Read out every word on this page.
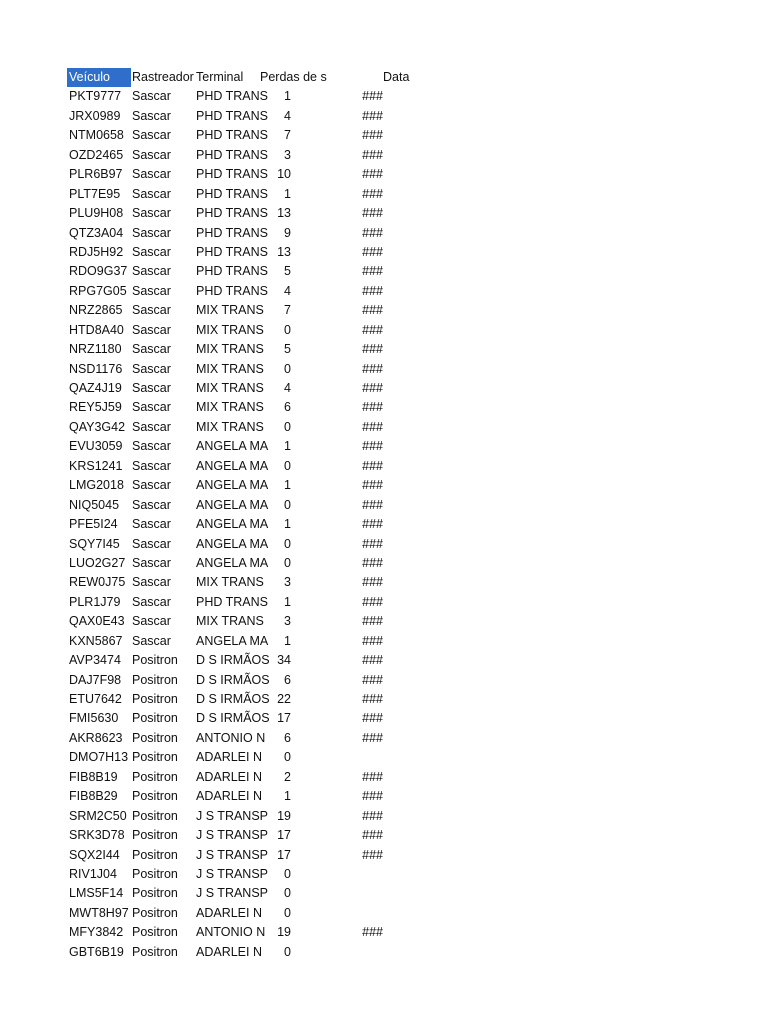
Veículo	Rastreador Terminal	Perdas de s	Data
PKT9777 Sascar	PHD TRANS	1	###
JRX0989 Sascar	PHD TRANS	4	###
NTM0658 Sascar	PHD TRANS	7	###
OZD2465 Sascar	PHD TRANS	3	###
PLR6B97 Sascar	PHD TRANS 10	###
PLT7E95 Sascar	PHD TRANS	1	###
PLU9H08 Sascar	PHD TRANS 13	###
QTZ3A04 Sascar	PHD TRANS	9	###
RDJ5H92 Sascar	PHD TRANS 13	###
RDO9G37 Sascar	PHD TRANS	5	###
RPG7G05 Sascar	PHD TRANS	4	###
NRZ2865 Sascar	MIX TRANS	7	###
HTD8A40 Sascar	MIX TRANS	0	###
NRZ1180 Sascar	MIX TRANS	5	###
NSD1176 Sascar	MIX TRANS	0	###
QAZ4J19 Sascar	MIX TRANS	4	###
REY5J59 Sascar	MIX TRANS	6	###
QAY3G42 Sascar	MIX TRANS	0	###
EVU3059 Sascar	ANGELA MA	1	###
KRS1241 Sascar	ANGELA MA	0	###
LMG2018 Sascar	ANGELA MA	1	###
NIQ5045	Sascar	ANGELA MA	0	###
PFE5I24	Sascar	ANGELA MA	1	###
SQY7I45 Sascar	ANGELA MA	0	###
LUO2G27 Sascar	ANGELA MA	0	###
REW0J75 Sascar	MIX TRANS	3	###
PLR1J79 Sascar	PHD TRANS	1	###
QAX0E43 Sascar	MIX TRANS	3	###
KXN5867 Sascar	ANGELA MA	1	###
AVP3474 Positron	D S IRMÃOS 34	###
DAJ7F98 Positron	D S IRMÃOS	6	###
ETU7642 Positron	D S IRMÃOS 22	###
FMI5630	Positron	D S IRMÃOS 17	###
AKR8623 Positron	ANTONIO N	6	###
DMO7H13 Positron	ADARLEI N	0
FIB8B19	Positron	ADARLEI N	2	###
FIB8B29	Positron	ADARLEI N	1	###
SRM2C50 Positron	J S TRANSP 19	###
SRK3D78 Positron	J S TRANSP 17	###
SQX2I44 Positron	J S TRANSP 17	###
RIV1J04	Positron	J S TRANSP	0
LMS5F14 Positron	J S TRANSP	0
MWT8H97 Positron	ADARLEI N	0
MFY3842 Positron	ANTONIO N 19	###
GBT6B19 Positron	ADARLEI N	0
